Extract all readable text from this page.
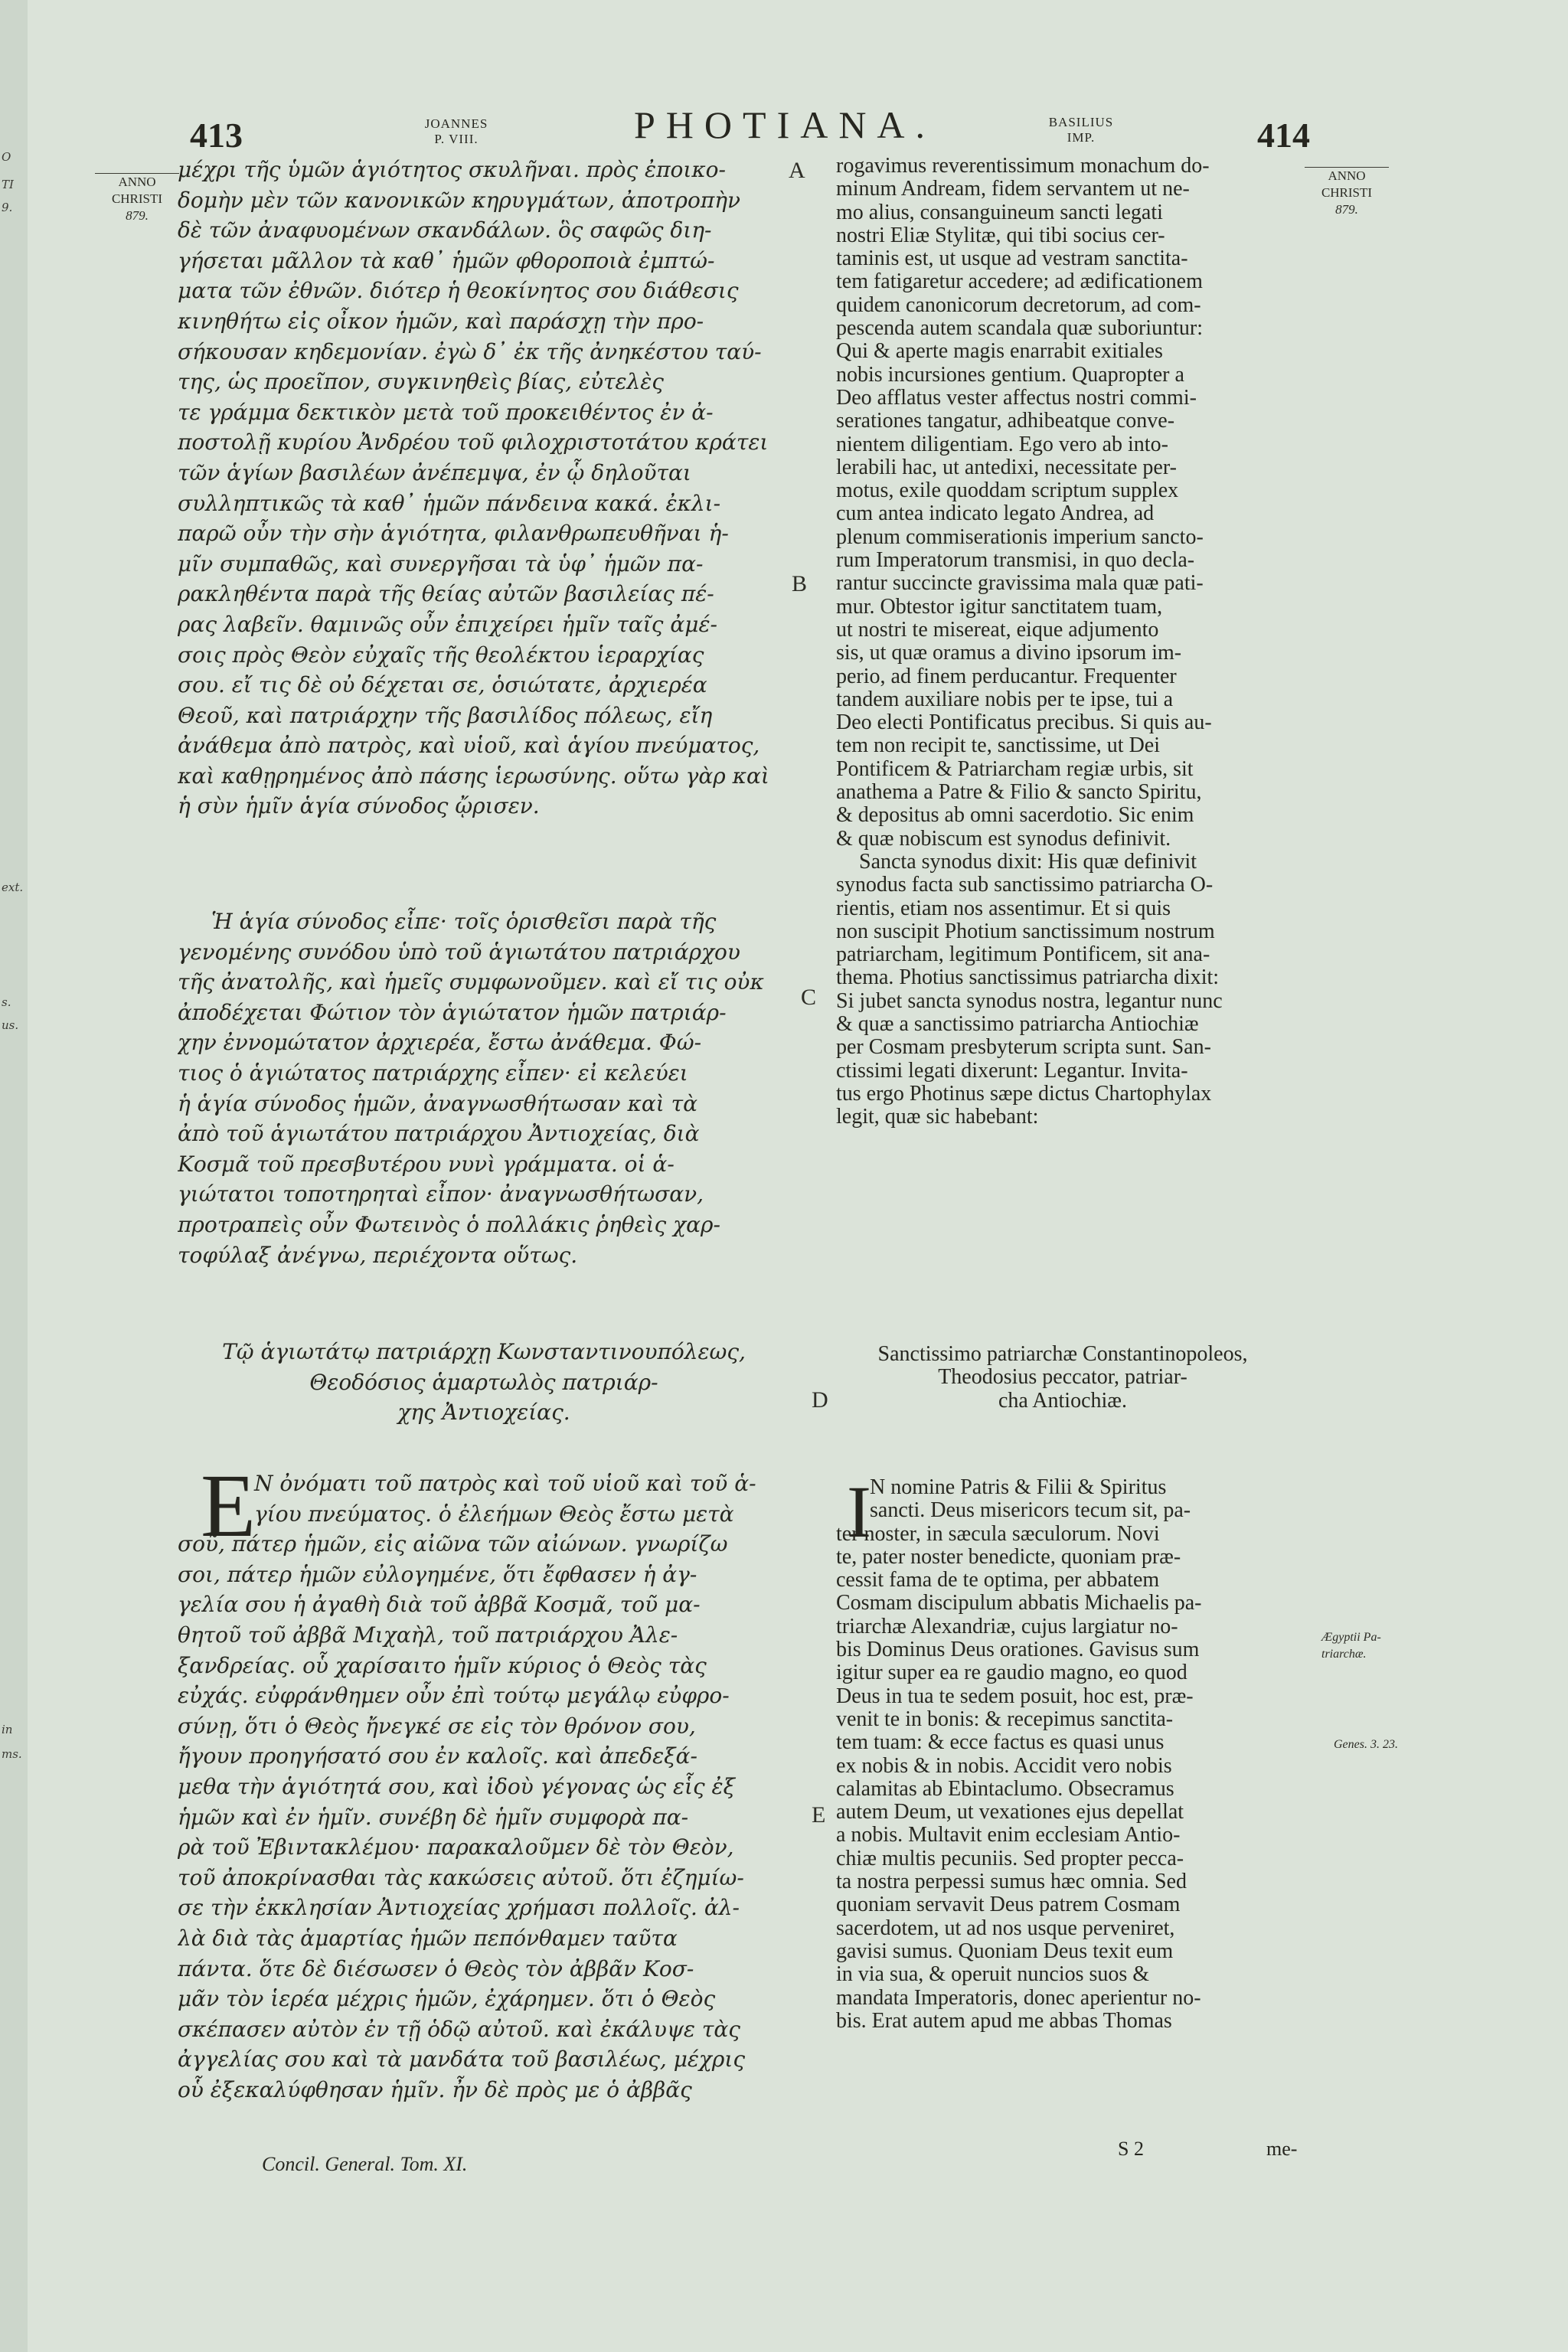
O
TI
9.
ext.
s.
us.
in
ms.
413	JOANNES
P. VIII.	PHOTIANA.	BASILIUS
IMP.	414
ANNO
CHRISTI
879.
ANNO
CHRISTI
879.
Ægyptii Pa-
triarchæ.
Genes. 3. 23.
A
B
C
D
E
μέχρι τῆς ὑμῶν ἁγιότητος σκυλῆναι. πρὸς ἐποικο-
δομὴν μὲν τῶν κανονικῶν κηρυγμάτων, ἀποτροπὴν
δὲ τῶν ἀναφυομένων σκανδάλων. ὃς σαφῶς διη-
γήσεται μᾶλλον τὰ καθ᾿ ἡμῶν φθοροποιὰ ἐμπτώ-
ματα τῶν ἐθνῶν. διότερ ἡ θεοκίνητος σου διάθεσις
κινηθήτω εἰς οἶκον ἡμῶν, καὶ παράσχῃ τὴν προ-
σήκουσαν κηδεμονίαν. ἐγὼ δ᾿ ἐκ τῆς ἀνηκέστου ταύ-
της, ὡς προεῖπον, συγκινηθεὶς βίας, εὐτελὲς
τε γράμμα δεκτικὸν μετὰ τοῦ προκειθέντος ἐν ἀ-
ποστολῇ κυρίου Ἀνδρέου τοῦ φιλοχριστοτάτου κράτει
τῶν ἁγίων βασιλέων ἀνέπεμψα, ἐν ᾧ δηλοῦται
συλληπτικῶς τὰ καθ᾿ ἡμῶν πάνδεινα κακά. ἐκλι-
παρῶ οὖν τὴν σὴν ἁγιότητα, φιλανθρωπευθῆναι ἡ-
μῖν συμπαθῶς, καὶ συνεργῆσαι τὰ ὑφ᾿ ἡμῶν πα-
ρακληθέντα παρὰ τῆς θείας αὐτῶν βασιλείας πέ-
ρας λαβεῖν. θαμινῶς οὖν ἐπιχείρει ἡμῖν ταῖς ἀμέ-
σοις πρὸς Θεὸν εὐχαῖς τῆς θεολέκτου ἱεραρχίας
σου. εἴ τις δὲ οὐ δέχεται σε, ὁσιώτατε, ἀρχιερέα
Θεοῦ, καὶ πατριάρχην τῆς βασιλίδος πόλεως, εἴη
ἀνάθεμα ἀπὸ πατρὸς, καὶ υἱοῦ, καὶ ἁγίου πνεύματος,
καὶ καθῃρημένος ἀπὸ πάσης ἱερωσύνης. οὕτω γὰρ καὶ
ἡ σὺν ἡμῖν ἁγία σύνοδος ᾤρισεν.
Ἡ ἁγία σύνοδος εἶπε· τοῖς ὁρισθεῖσι παρὰ τῆς
γενομένης συνόδου ὑπὸ τοῦ ἁγιωτάτου πατριάρχου
τῆς ἀνατολῆς, καὶ ἡμεῖς συμφωνοῦμεν. καὶ εἴ τις οὐκ
ἀποδέχεται Φώτιον τὸν ἁγιώτατον ἡμῶν πατριάρ-
χην ἐννομώτατον ἀρχιερέα, ἔστω ἀνάθεμα. Φώ-
τιος ὁ ἁγιώτατος πατριάρχης εἶπεν· εἰ κελεύει
ἡ ἁγία σύνοδος ἡμῶν, ἀναγνωσθήτωσαν καὶ τὰ
ἀπὸ τοῦ ἁγιωτάτου πατριάρχου Ἀντιοχείας, διὰ
Κοσμᾶ τοῦ πρεσβυτέρου νυνὶ γράμματα. οἱ ἁ-
γιώτατοι τοποτηρηταὶ εἶπον· ἀναγνωσθήτωσαν,
προτραπεὶς οὖν Φωτεινὸς ὁ πολλάκις ῥηθεὶς χαρ-
τοφύλαξ ἀνέγνω, περιέχοντα οὕτως.
Τῷ ἁγιωτάτῳ πατριάρχῃ Κωνσταντινουπόλεως,
Θεοδόσιος ἁμαρτωλὸς πατριάρ-
χης Ἀντιοχείας.
E
N ὀνόματι τοῦ πατρὸς καὶ τοῦ υἱοῦ καὶ τοῦ ἁ-
γίου πνεύματος. ὁ ἐλεήμων Θεὸς ἔστω μετὰ
σοῦ, πάτερ ἡμῶν, εἰς αἰῶνα τῶν αἰώνων. γνωρίζω
σοι, πάτερ ἡμῶν εὐλογημένε, ὅτι ἔφθασεν ἡ ἀγ-
γελία σου ἡ ἀγαθὴ διὰ τοῦ ἀββᾶ Κοσμᾶ, τοῦ μα-
θητοῦ τοῦ ἀββᾶ Μιχαὴλ, τοῦ πατριάρχου Ἀλε-
ξανδρείας. οὗ χαρίσαιτο ἡμῖν κύριος ὁ Θεὸς τὰς
εὐχάς. εὐφράνθημεν οὖν ἐπὶ τούτῳ μεγάλῳ εὐφρο-
σύνῃ, ὅτι ὁ Θεὸς ἤνεγκέ σε εἰς τὸν θρόνον σου,
ἤγουν προηγήσατό σου ἐν καλοῖς. καὶ ἀπεδεξά-
μεθα τὴν ἁγιότητά σου, καὶ ἰδοὺ γέγονας ὡς εἷς ἐξ
ἡμῶν καὶ ἐν ἡμῖν. συνέβη δὲ ἡμῖν συμφορὰ πα-
ρὰ τοῦ Ἐβιντακλέμου· παρακαλοῦμεν δὲ τὸν Θεὸν,
τοῦ ἀποκρίνασθαι τὰς κακώσεις αὐτοῦ. ὅτι ἐζημίω-
σε τὴν ἐκκλησίαν Ἀντιοχείας χρήμασι πολλοῖς. ἀλ-
λὰ διὰ τὰς ἁμαρτίας ἡμῶν πεπόνθαμεν ταῦτα
πάντα. ὅτε δὲ διέσωσεν ὁ Θεὸς τὸν ἀββᾶν Κοσ-
μᾶν τὸν ἱερέα μέχρις ἡμῶν, ἐχάρημεν. ὅτι ὁ Θεὸς
σκέπασεν αὐτὸν ἐν τῇ ὁδῷ αὐτοῦ. καὶ ἐκάλυψε τὰς
ἀγγελίας σου καὶ τὰ μανδάτα τοῦ βασιλέως, μέχρις
οὗ ἐξεκαλύφθησαν ἡμῖν. ἦν δὲ πρὸς με ὁ ἀββᾶς
rogavimus reverentissimum monachum do-
minum Andream, fidem servantem ut ne-
mo alius, consanguineum sancti legati
nostri Eliæ Stylitæ, qui tibi socius cer-
taminis est, ut usque ad vestram sanctita-
tem fatigaretur accedere; ad ædificationem
quidem canonicorum decretorum, ad com-
pescenda autem scandala quæ suboriuntur:
Qui & aperte magis enarrabit exitiales
nobis incursiones gentium. Quapropter a
Deo afflatus vester affectus nostri commi-
serationes tangatur, adhibeatque conve-
nientem diligentiam. Ego vero ab into-
lerabili hac, ut antedixi, necessitate per-
motus, exile quoddam scriptum supplex
cum antea indicato legato Andrea, ad
plenum commiserationis imperium sancto-
rum Imperatorum transmisi, in quo decla-
rantur succincte gravissima mala quæ pati-
mur. Obtestor igitur sanctitatem tuam,
ut nostri te misereat, eique adjumento
sis, ut quæ oramus a divino ipsorum im-
perio, ad finem perducantur. Frequenter
tandem auxiliare nobis per te ipse, tui a
Deo electi Pontificatus precibus. Si quis au-
tem non recipit te, sanctissime, ut Dei
Pontificem & Patriarcham regiæ urbis, sit
anathema a Patre & Filio & sancto Spiritu,
& depositus ab omni sacerdotio. Sic enim
& quæ nobiscum est synodus definivit.
Sancta synodus dixit: His quæ definivit
synodus facta sub sanctissimo patriarcha O-
rientis, etiam nos assentimur. Et si quis
non suscipit Photium sanctissimum nostrum
patriarcham, legitimum Pontificem, sit ana-
thema. Photius sanctissimus patriarcha dixit:
Si jubet sancta synodus nostra, legantur nunc
& quæ a sanctissimo patriarcha Antiochiæ
per Cosmam presbyterum scripta sunt. San-
ctissimi legati dixerunt: Legantur. Invita-
tus ergo Photinus sæpe dictus Chartophylax
legit, quæ sic habebant:
Sanctissimo patriarchæ Constantinopoleos,
Theodosius peccator, patriar-
cha Antiochiæ.
I
N nomine Patris & Filii & Spiritus
sancti. Deus misericors tecum sit, pa-
ter noster, in sæcula sæculorum. Novi
te, pater noster benedicte, quoniam præ-
cessit fama de te optima, per abbatem
Cosmam discipulum abbatis Michaelis pa-
triarchæ Alexandriæ, cujus largiatur no-
bis Dominus Deus orationes. Gavisus sum
igitur super ea re gaudio magno, eo quod
Deus in tua te sedem posuit, hoc est, præ-
venit te in bonis: & recepimus sanctita-
tem tuam: & ecce factus es quasi unus
ex nobis & in nobis. Accidit vero nobis
calamitas ab Ebintaclumo. Obsecramus
autem Deum, ut vexationes ejus depellat
a nobis. Multavit enim ecclesiam Antio-
chiæ multis pecuniis. Sed propter pecca-
ta nostra perpessi sumus hæc omnia. Sed
quoniam servavit Deus patrem Cosmam
sacerdotem, ut ad nos usque perveniret,
gavisi sumus. Quoniam Deus texit eum
in via sua, & operuit nuncios suos &
mandata Imperatoris, donec aperientur no-
bis. Erat autem apud me abbas Thomas
Concil. General. Tom. XI.
S 2	me-
